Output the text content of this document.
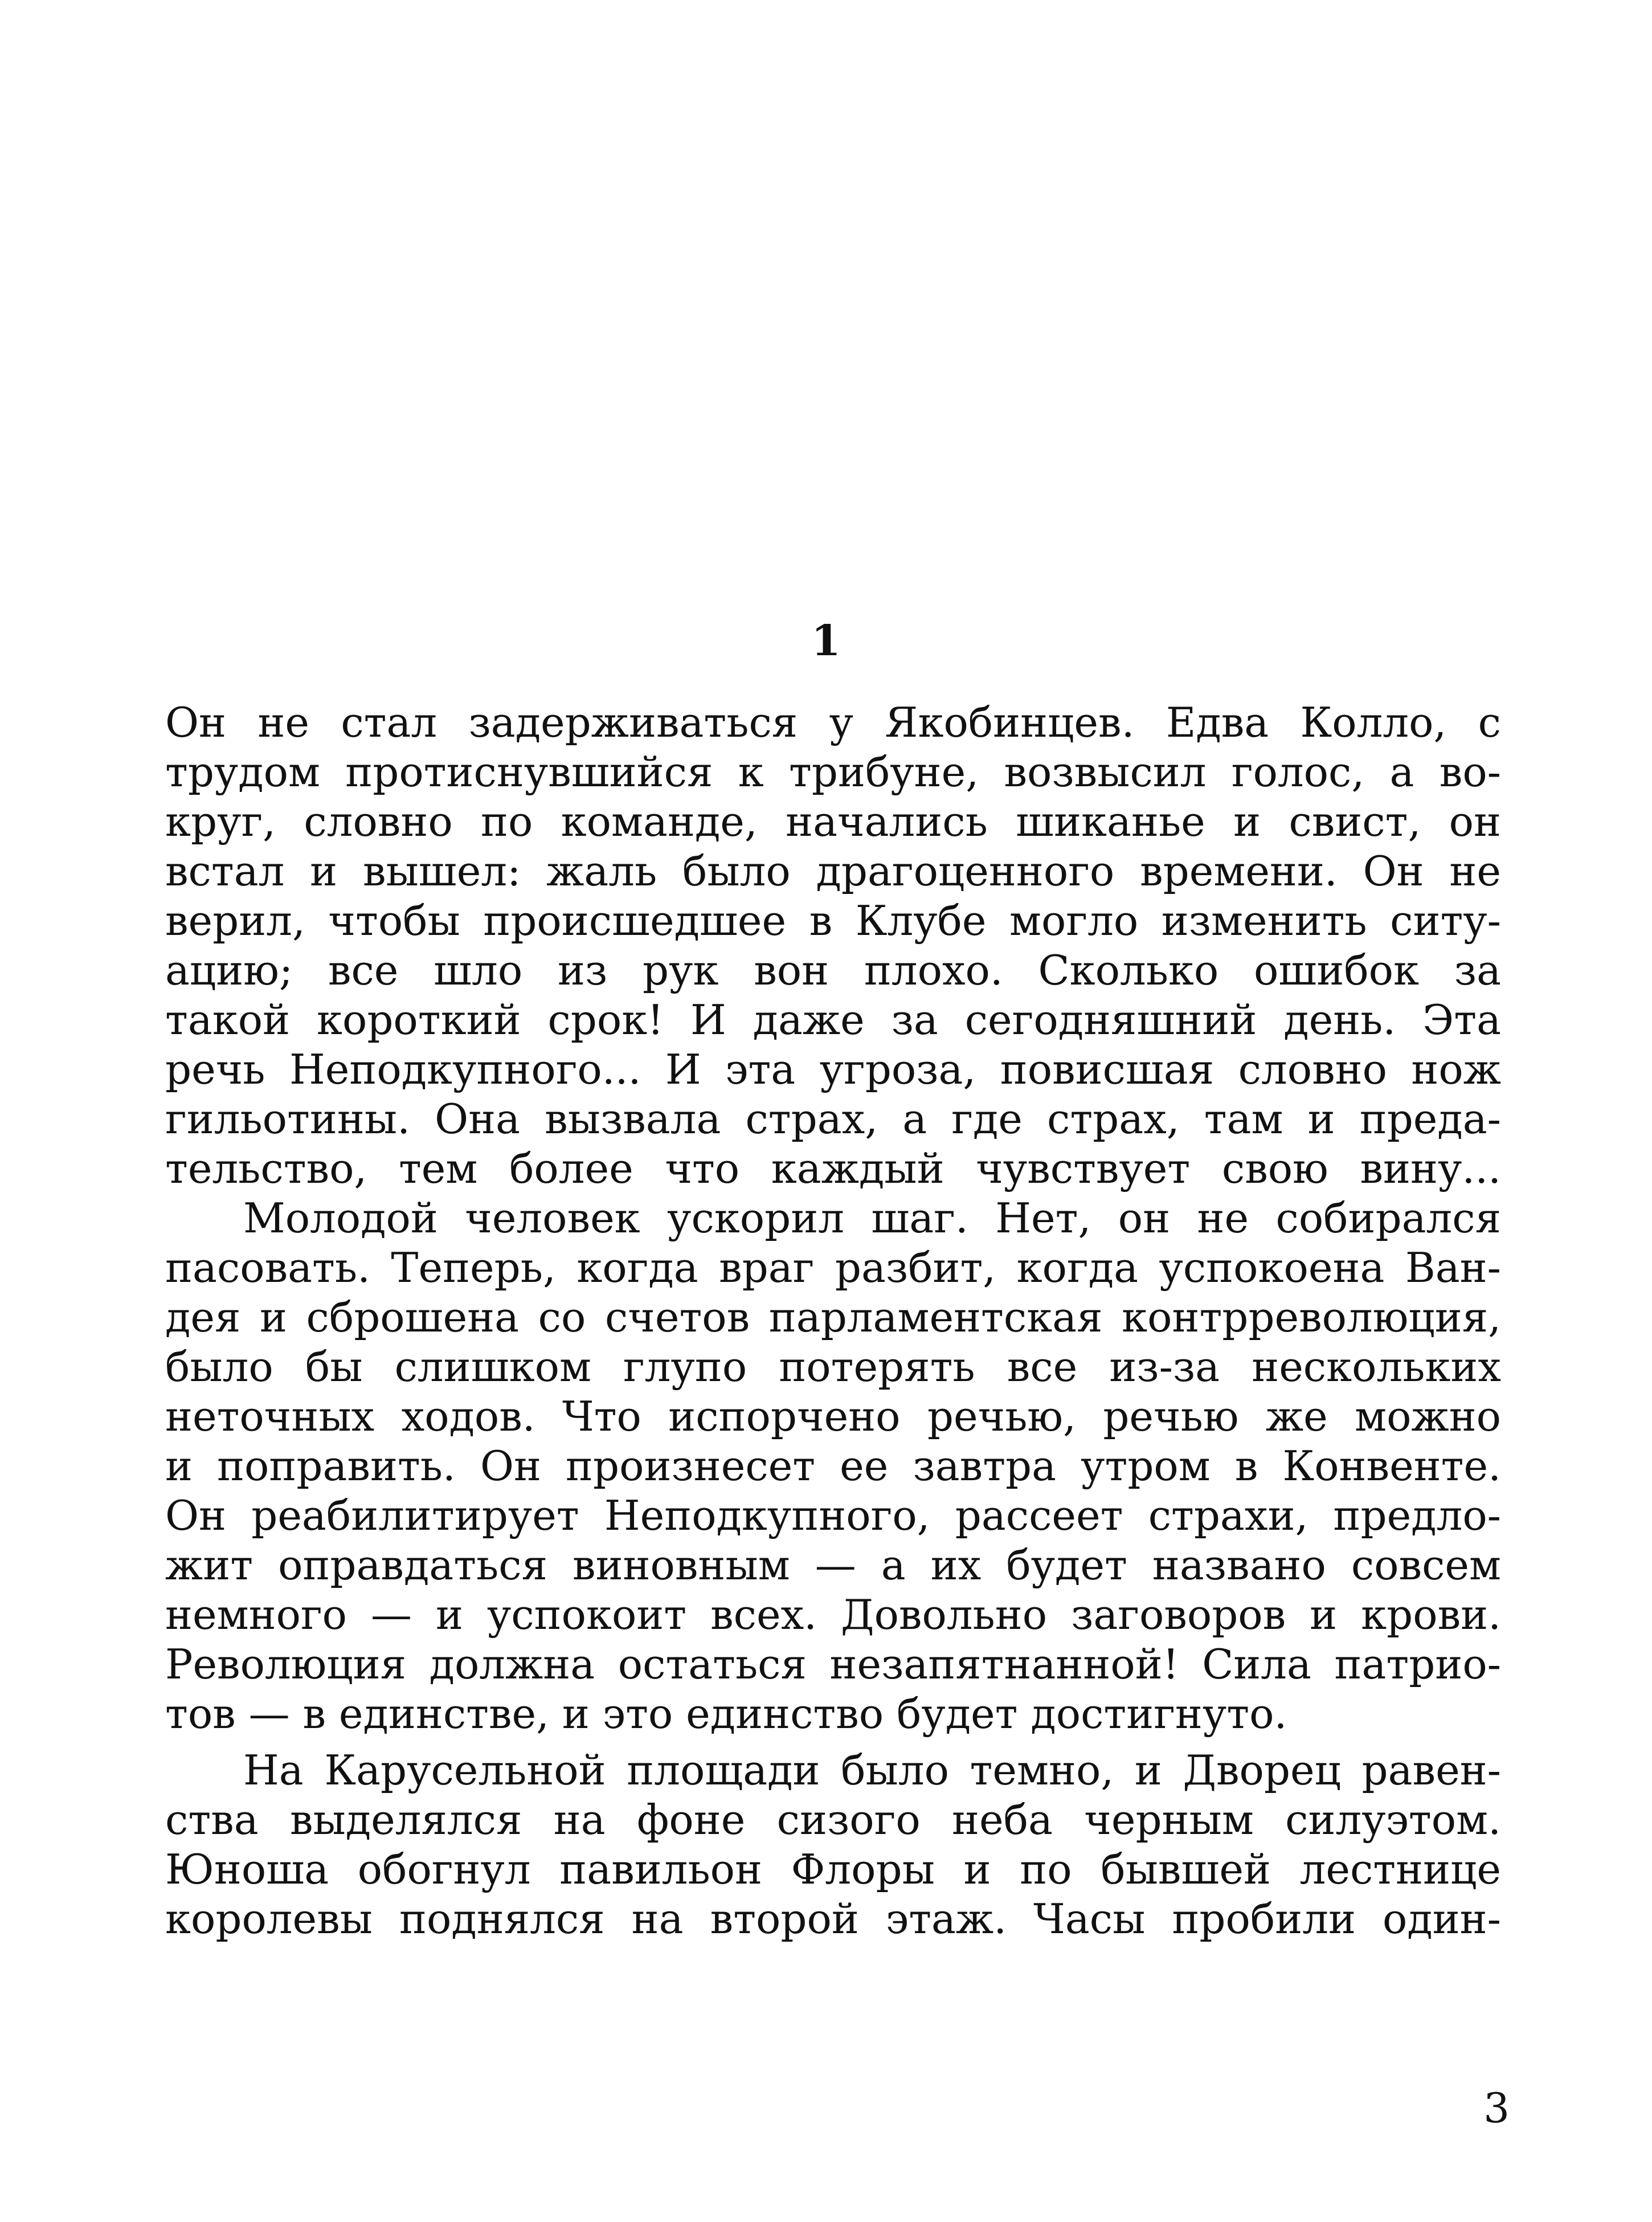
1
Он не стал задерживаться у Якобинцев. Едва Колло, с
трудом протиснувшийся к трибуне, возвысил голос, а во-
круг, словно по команде, начались шиканье и свист, он
встал и вышел: жаль было драгоценного времени. Он не
верил, чтобы происшедшее в Клубе могло изменить ситу-
ацию; все шло из рук вон плохо. Сколько ошибок за
такой короткий срок! И даже за сегодняшний день. Эта
речь Неподкупного... И эта угроза, повисшая словно нож
гильотины. Она вызвала страх, а где страх, там и преда-
тельство, тем более что каждый чувствует свою вину...
Молодой человек ускорил шаг. Нет, он не собирался
пасовать. Теперь, когда враг разбит, когда успокоена Ван-
дея и сброшена со счетов парламентская контрреволюция,
было бы слишком глупо потерять все из-за нескольких
неточных ходов. Что испорчено речью, речью же можно
и поправить. Он произнесет ее завтра утром в Конвенте.
Он реабилитирует Неподкупного, рассеет страхи, предло-
жит оправдаться виновным — а их будет названо совсем
немного — и успокоит всех. Довольно заговоров и крови.
Революция должна остаться незапятнанной! Сила патрио-
тов — в единстве, и это единство будет достигнуто.
На Карусельной площади было темно, и Дворец равен-
ства выделялся на фоне сизого неба черным силуэтом.
Юноша обогнул павильон Флоры и по бывшей лестнице
королевы поднялся на второй этаж. Часы пробили один-
3
